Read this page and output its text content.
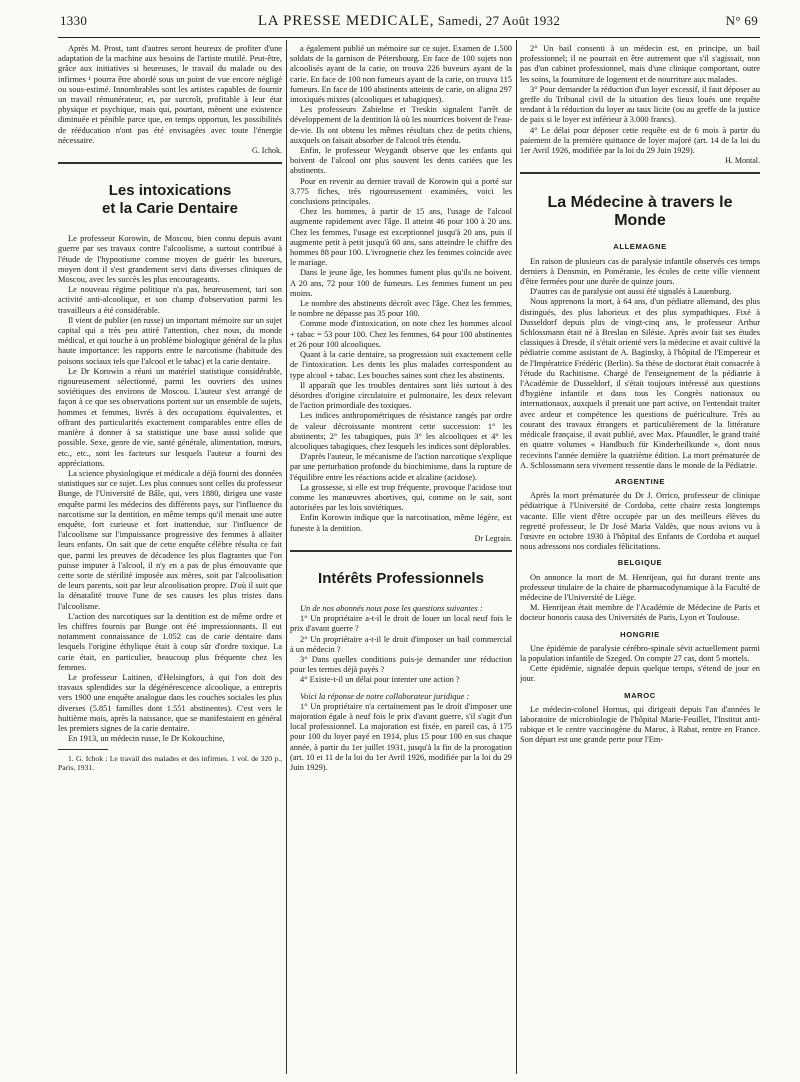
1330	LA PRESSE MEDICALE, Samedi, 27 Août 1932	N° 69

Après M. Prost, tant d'autres seront heureux de profiter d'une adaptation de la machine aux besoins de l'artiste mutilé. Peut-être, grâce aux initiatives si heureuses, le travail du malade ou des infirmes ¹ pourra être abordé sous un point de vue encore négligé ou sous-estimé. Innombrables sont les artistes capables de fournir un travail rémunérateur, et, par surcroît, profitable à leur état physique et psychique, mais qui, pourtant, mènent une existence diminuée et pénible parce que, en temps opportun, les possibilités de rééducation n'ont pas été envisagées avec toute l'énergie nécessaire.

G. Ichok.
Les intoxications
et la Carie Dentaire

Le professeur Korowin, de Moscou, bien connu depuis avant guerre par ses travaux contre l'alcoolisme, a surtout contribué à l'étude de l'hypnotisme comme moyen de guérir les buveurs, moyen dont il s'est grandement servi dans diverses cliniques de Moscou, avec les succès les plus encourageants.

Le nouveau régime politique n'a pas, heureusement, tari son activité anti-alcoolique, et son champ d'observation parmi les travailleurs a été considérable.

Il vient de publier (en russe) un important mémoire sur un sujet capital qui a très peu attiré l'attention, chez nous, du monde médical, et qui touche à un problème biologique général de la plus haute importance: les rapports entre le narcotisme (habitude des poisons sociaux tels que l'alcool et le tabac) et la carie dentaire.

Le Dr Korowin a réuni un matériel statistique considérable, rigoureusement sélectionné, parmi les ouvriers des usines soviétiques des environs de Moscou. L'auteur s'est arrangé de façon à ce que ses observations portent sur un ensemble de sujets, hommes et femmes, livrés à des occupations équivalentes, et offrant des particularités exactement comparables entre elles de manière à donner à sa statistique une base aussi solide que possible. Sexe, genre de vie, santé générale, alimentation, mœurs, etc., etc., sont les facteurs sur lesquels l'auteur a fourni des appréciations.

La science physiologique et médicale a déjà fourni des données statistiques sur ce sujet. Les plus connues sont celles du professeur Bunge, de l'Université de Bâle, qui, vers 1880, dirigea une vaste enquête parmi les médecins des différents pays, sur l'influence du narcotisme sur la dentition, en même temps qu'il menait une autre enquête, fort curieuse et fort inattendue, sur l'influence de l'alcoolisme sur l'impuissance progressive des femmes à allaiter leurs enfants. On sait que de cette enquête célèbre résulta ce fait que, parmi les preuves de décadence les plus flagrantes que l'on puisse imputer à l'alcool, il n'y en a pas de plus émouvante que cette sorte de stérilité imposée aux mères, soit par l'alcoolisation de leurs parents, soit par leur alcoolisation propre. D'où il suit que la dénatalité trouve l'une de ses causes les plus tristes dans l'alcoolisme.

L'action des narcotiques sur la dentition est de même ordre et les chiffres fournis par Bunge ont été impressionnants. Il eut notamment connaissance de 1.052 cas de carie dentaire dans lesquels l'origine éthylique était à coup sûr d'ordre toxique. La carie était, en particulier, beaucoup plus fréquente chez les femmes.

Le professeur Laitinen, d'Helsingfors, à qui l'on doit des travaux splendides sur la dégénérescence alcoolique, a entrepris vers 1900 une enquête analogue dans les couches sociales les plus diverses (5.851 familles dont 1.551 abstinentes). C'est vers le huitième mois, après la naissance, que se manifestaient en général les premiers signes de la carie dentaire.

En 1913, un médecin russe, le Dr Kokouchine,

1. G. Ichok : Le travail des malades et des infirmes. 1 vol. de 320 p., Paris, 1931.

a également publié un mémoire sur ce sujet. Examen de 1.500 soldats de la garnison de Pétersbourg. En face de 100 sujets non alcoolisés ayant de la carie, on trouva 226 buveurs ayant de la carie. En face de 100 non fumeurs ayant de la carie, on trouva 115 fumeurs. En face de 100 abstinents atteints de carie, on aligna 297 intoxiqués mixtes (alcooliques et tabagiques).

Les professeurs Zabielme et Treskin signalent l'arrêt de développement de la dentition là où les nourrices boivent de l'eau-de-vie. Ils ont obtenu les mêmes résultats chez de petits chiens, auxquels on faisait absorber de l'alcool très étendu.

Enfin, le professeur Weygandt observe que les enfants qui boivent de l'alcool ont plus souvent les dents cariées que les abstinents.

Pour en revenir au dernier travail de Korowin qui a porté sur 3.775 fiches, très rigoureusement examinées, voici les conclusions principales.

Chez les hommes, à partir de 15 ans, l'usage de l'alcool augmente rapidement avec l'âge. Il atteint 46 pour 100 à 20 ans. Chez les femmes, l'usage est exceptionnel jusqu'à 20 ans, puis il augmente petit à petit jusqu'à 60 ans, sans atteindre le chiffre des hommes 88 pour 100. L'ivrognerie chez les femmes coïncide avec le mariage.

Dans le jeune âge, les hommes fument plus qu'ils ne boivent. A 20 ans, 72 pour 100 de fumeurs. Les femmes fument un peu moins.

Le nombre des abstinents décroît avec l'âge. Chez les femmes, le nombre ne dépasse pas 35 pour 100.

Comme mode d'intoxication, on note chez les hommes alcool + tabac = 53 pour 100. Chez les femmes, 64 pour 100 abstinentes et 26 pour 100 alcooliques.

Quant à la carie dentaire, sa progression suit exactement celle de l'intoxication. Les dents les plus malades correspondent au type alcool + tabac. Les bouches saines sont chez les abstinents.

Il apparaît que les troubles dentaires sont liés surtout à des désordres d'origine circulatoire et pulmonaire, les deux relevant de l'action primordiale des toxiques.

Les indices anthropométriques de résistance rangés par ordre de valeur décroissante montrent cette succession: 1° les abstinents; 2° les tabagiques, puis 3° les alcooliques et 4° les alcooliques tabagiques, chez lesquels les indices sont déplorables.

D'après l'auteur, le mécanisme de l'action narcotique s'explique par une perturbation profonde du biochimisme, dans la rupture de l'équilibre entre les réactions acide et alcaline (acidose).

La grossesse, si elle est trop fréquente, provoque l'acidose tout comme les manœuvres abortives, qui, comme on le sait, sont autorisées par les lois soviétiques.

Enfin Korowin indique que la narcotisation, même légère, est funeste à la dentition.

Dr Legrain.
Intérêts Professionnels

Un de nos abonnés nous pose les questions suivantes :

1° Un propriétaire a-t-il le droit de louer un local neuf fois le prix d'avant guerre ?

2° Un propriétaire a-t-il le droit d'imposer un bail commercial à un médecin ?

3° Dans quelles conditions puis-je demander une réduction pour les termes déjà payés ?

4° Existe-t-il un délai pour intenter une action ?

Voici la réponse de notre collaborateur juridique :

1° Un propriétaire n'a certainement pas le droit d'imposer une majoration égale à neuf fois le prix d'avant guerre, s'il s'agit d'un local professionnel. La majoration est fixée, en pareil cas, à 175 pour 100 du loyer payé en 1914, plus 15 pour 100 en sus chaque année, à partir du 1er juillet 1931, jusqu'à la fin de la prorogation (art. 10 et 11 de la loi du 1er Avril 1926, modifiée par la loi du 29 Juin 1929).

2° Un bail consenti à un médecin est, en principe, un bail professionnel; il ne pourrait en être autrement que s'il s'agissait, non pas d'un cabinet professionnel, mais d'une clinique comportant, outre les soins, la fourniture de logement et de nourriture aux malades.

3° Pour demander la réduction d'un loyer excessif, il faut déposer au greffe du Tribunal civil de la situation des lieux loués une requête tendant à la réduction du loyer au taux licite (ou au greffe de la justice de paix si le loyer est inférieur à 3.000 francs).

4° Le délai pour déposer cette requête est de 6 mois à partir du paiement de la première quittance de loyer majoré (art. 14 de la loi du 1er Avril 1926, modifiée par la loi du 29 Juin 1929).

H. Montal.
La Médecine à travers le Monde
ALLEMAGNE

En raison de plusieurs cas de paralysie infantile observés ces temps derniers à Densmin, en Poméranie, les écoles de cette ville viennent d'être fermées pour une durée de quinze jours.

D'autres cas de paralysie ont aussi été signalés à Lauenburg.

Nous apprenons la mort, à 64 ans, d'un pédiatre allemand, des plus distingués, des plus laborieux et des plus sympathiques. Fixé à Dusseldorf depuis plus de vingt-cinq ans, le professeur Arthur Schlossmann était né à Breslau en Silésie. Après avoir fait ses études classiques à Dresde, il s'était orienté vers la médecine et avait cultivé la pédiatrie comme assistant de A. Baginsky, à l'hôpital de l'Empereur et de l'Impératrice Frédéric (Berlin). Sa thèse de doctorat était consacrée à l'étude du Rachitisme. Chargé de l'enseignement de la pédiatrie à l'Académie de Dusseldorf, il s'était toujours intéressé aux questions d'hygiène infantile et dans tous les Congrès nationaux ou internationaux, auxquels il prenait une part active, on l'entendait traiter avec ardeur et compétence les questions de puériculture. Très au courant des travaux étrangers et particulièrement de la littérature médicale française, il avait publié, avec Max. Pfaundler, le grand traité en quatre volumes « Handbuch für Kinderheilkunde », dont nous recevions l'année dernière la quatrième édition. La mort prématurée de A. Schlossmann sera vivement ressentie dans le monde de la Pédiatrie.

ARGENTINE

Après la mort prématurée du Dr J. Orrico, professeur de clinique pédiatrique à l'Université de Cordoba, cette chaire resta longtemps vacante. Elle vient d'être occupée par un des meilleurs élèves du regretté professeur, le Dr José Maria Valdès, que nous avions vu à l'œuvre en octobre 1930 à l'hôpital des Enfants de Cordoba et auquel nous adressons nos cordiales félicitations.

BELGIQUE

On annonce la mort de M. Henrijean, qui fut durant trente ans professeur titulaire de la chaire de pharmacodynamique à la Faculté de médecine de l'Université de Liège.

M. Henrijean était membre de l'Académie de Médecine de Paris et docteur honoris causa des Universités de Paris, Lyon et Toulouse.

HONGRIE

Une épidémie de paralysie cérébro-spinale sévit actuellement parmi la population infantile de Szeged. On compte 27 cas, dont 5 mortels.

Cette épidémie, signalée depuis quelque temps, s'étend de jour en jour.

MAROC

Le médecin-colonel Hornus, qui dirigeait depuis l'an d'années le laboratoire de microbiologie de l'hôpital Marie-Feuillet, l'Institut anti-rabique et le centre vaccinogène du Maroc, à Rabat, rentre en France. Son départ est une grande perte pour l'Em-
